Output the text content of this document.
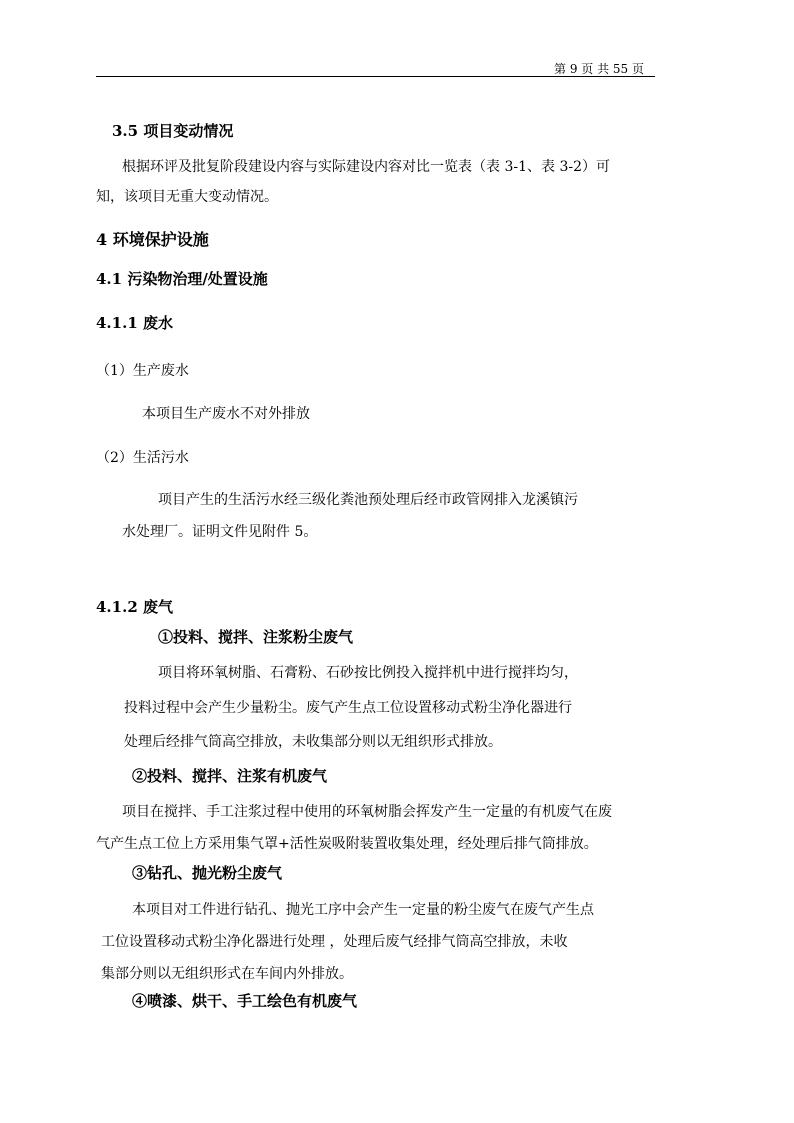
第 9 页 共 55 页
3.5 项目变动情况
根据环评及批复阶段建设内容与实际建设内容对比一览表（表 3-1、表 3-2）可
知，该项目无重大变动情况。
4 环境保护设施
4.1 污染物治理/处置设施
4.1.1 废水
（1）生产废水
本项目生产废水不对外排放
（2）生活污水
项目产生的生活污水经三级化粪池预处理后经市政管网排入龙溪镇污
水处理厂。证明文件见附件 5。
4.1.2 废气
①投料、搅拌、注浆粉尘废气
项目将环氧树脂、石膏粉、石砂按比例投入搅拌机中进行搅拌均匀，
投料过程中会产生少量粉尘。废气产生点工位设置移动式粉尘净化器进行
处理后经排气筒高空排放，未收集部分则以无组织形式排放。
②投料、搅拌、注浆有机废气
项目在搅拌、手工注浆过程中使用的环氧树脂会挥发产生一定量的有机废气在废
气产生点工位上方采用集气罩+活性炭吸附装置收集处理，经处理后排气筒排放。
③钻孔、抛光粉尘废气
本项目对工件进行钻孔、抛光工序中会产生一定量的粉尘废气在废气产生点
工位设置移动式粉尘净化器进行处理 ，处理后废气经排气筒高空排放，未收
集部分则以无组织形式在车间内外排放。
④喷漆、烘干、手工绘色有机废气
